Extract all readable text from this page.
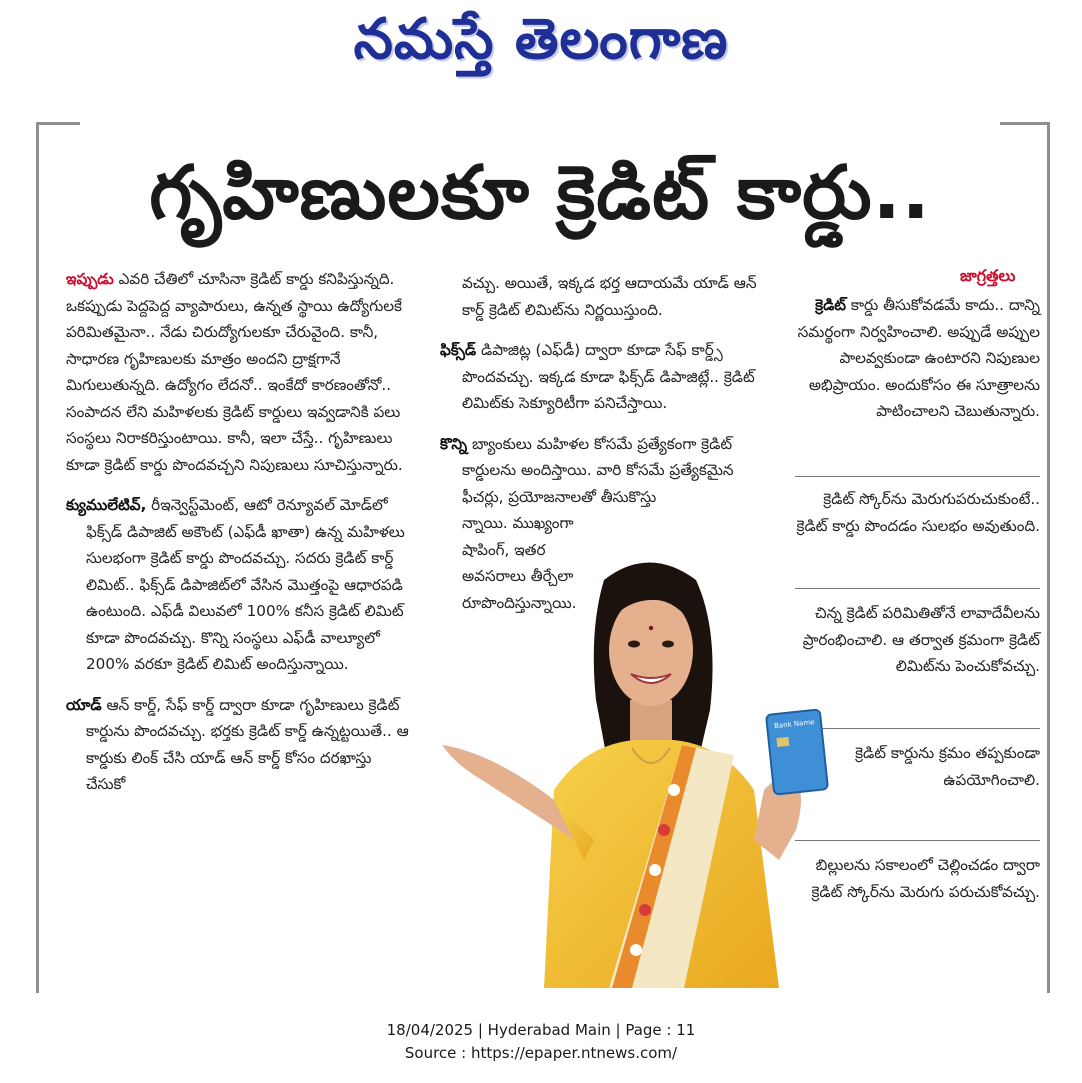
నమస్తే తెలంగాణ
గృహిణులకూ క్రెడిట్ కార్డు..

ఇప్పుడు ఎవరి చేతిలో చూసినా క్రెడిట్ కార్డు కనిపిస్తున్నది. ఒకప్పుడు పెద్దపెద్ద వ్యాపారులు, ఉన్నత స్థాయి ఉద్యోగులకే పరిమితమైనా.. నేడు చిరుద్యోగులకూ చేరువైంది. కానీ, సాధారణ గృహిణులకు మాత్రం అందని ద్రాక్షగానే మిగులుతున్నది. ఉద్యోగం లేదనో.. ఇంకేదో కారణంతోనో.. సంపాదన లేని మహిళలకు క్రెడిట్ కార్డులు ఇవ్వడానికి పలు సంస్థలు నిరాకరిస్తుంటాయి. కానీ, ఇలా చేస్తే.. గృహిణులు కూడా క్రెడిట్ కార్డు పొందవచ్చని నిపుణులు సూచిస్తున్నారు.

క్యుములేటివ్, రీఇన్వెస్ట్‌మెంట్, ఆటో రెన్యూవల్ మోడ్‌లో ఫిక్స్‌డ్ డిపాజిట్ అకౌంట్ (ఎఫ్‌డీ ఖాతా) ఉన్న మహిళలు సులభంగా క్రెడిట్ కార్డు పొందవచ్చు. సదరు క్రెడిట్ కార్డ్ లిమిట్.. ఫిక్స్‌డ్ డిపాజిట్‌లో వేసిన మొత్తంపై ఆధారపడి ఉంటుంది. ఎఫ్‌డీ విలువలో 100% కనీస క్రెడిట్ లిమిట్ కూడా పొందవచ్చు. కొన్ని సంస్థలు ఎఫ్‌డీ వాల్యూలో 200% వరకూ క్రెడిట్ లిమిట్ అందిస్తున్నాయి.

యాడ్ ఆన్ కార్డ్, సేఫ్ కార్డ్ ద్వారా కూడా గృహిణులు క్రెడిట్ కార్డును పొందవచ్చు. భర్తకు క్రెడిట్ కార్డ్ ఉన్నట్టయితే.. ఆ కార్డుకు లింక్ చేసి యాడ్ ఆన్ కార్డ్ కోసం దరఖాస్తు చేసుకో

వచ్చు. అయితే, ఇక్కడ భర్త ఆదాయమే యాడ్ ఆన్ కార్డ్ క్రెడిట్ లిమిట్‌ను నిర్ణయిస్తుంది.

ఫిక్స్‌డ్ డిపాజిట్ల (ఎఫ్‌డీ) ద్వారా కూడా సేఫ్ కార్డ్స్ పొందవచ్చు. ఇక్కడ కూడా ఫిక్స్‌డ్ డిపాజిట్లే.. క్రెడిట్ లిమిట్‌కు సెక్యూరిటీగా పనిచేస్తాయి.

కొన్ని బ్యాంకులు మహిళల కోసమే ప్రత్యేకంగా క్రెడిట్ కార్డులను అందిస్తాయి. వారి కోసమే ప్రత్యేకమైన ఫీచర్లు, ప్రయోజనాలతో తీసుకొస్తు

న్నాయి. ముఖ్యంగా షాపింగ్, ఇతర అవసరాలు తీర్చేలా రూపొందిస్తున్నాయి.

జాగ్రత్తలు
క్రెడిట్ కార్డు తీసుకోవడమే కాదు.. దాన్ని సమర్థంగా నిర్వహించాలి. అప్పుడే అప్పుల పాలవ్వకుండా ఉంటారని నిపుణుల అభిప్రాయం. అందుకోసం ఈ సూత్రాలను పాటించాలని చెబుతున్నారు.
క్రెడిట్ స్కోర్‌ను మెరుగుపరుచుకుంటే.. క్రెడిట్ కార్డు పొందడం సులభం అవుతుంది.
చిన్న క్రెడిట్ పరిమితితోనే లావాదేవీలను ప్రారంభించాలి. ఆ తర్వాత క్రమంగా క్రెడిట్ లిమిట్‌ను పెంచుకోవచ్చు.
క్రెడిట్ కార్డును క్రమం తప్పకుండా ఉపయోగించాలి.
బిల్లులను సకాలంలో చెల్లించడం ద్వారా క్రెడిట్ స్కోర్‌ను మెరుగు పరుచుకోవచ్చు.
Bank Name
18/04/2025 | Hyderabad Main | Page : 11
Source : https://epaper.ntnews.com/
